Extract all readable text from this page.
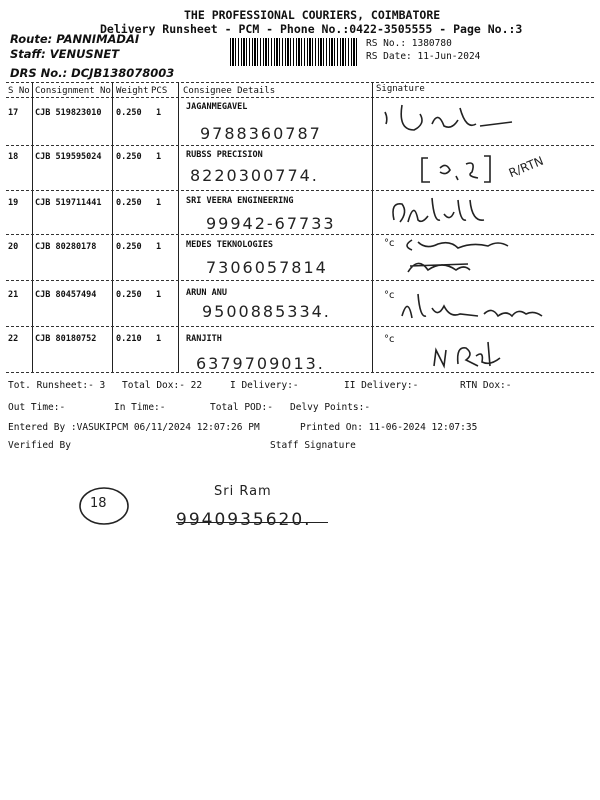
THE PROFESSIONAL COURIERS, COIMBATORE
Delivery Runsheet - PCM - Phone No.:0422-3505555 - Page No.:3
Route: PANNIMADAI
Staff: VENUSNET
DRS No.: DCJB138078003
RS No.: 1380780
RS Date: 11-Jun-2024
S No Consignment No Weight PCS Consignee Details	Signature
17 CJB 519823010 0.250 1
JAGANMEGAVEL
9788360787
18 CJB 519595024 0.250 1	RUBSS PRECISION
8220300774.	R/RTN
19 CJB 519711441 0.250 1	SRI VEERA ENGINEERING
99942-67733
20 CJB 80280178 0.250 1	MEDES TEKNOLOGIES
7306057814
°c
21 CJB 80457494 0.250 1	ARUN ANU
9500885334.
°c
22 CJB 80180752 0.210 1	RANJITH
6379709013.
°c
Tot. Runsheet:- 3 Total Dox:- 22	I Delivery:-	II Delivery:-	RTN Dox:-
Out Time:-	In Time:-	Total POD:- Delvy Points:-
Entered By :VASUKIPCM 06/11/2024 12:07:26 PM	Printed On: 11-06-2024 12:07:35
Verified By	Staff Signature
18
Sri Ram
9940935620.
